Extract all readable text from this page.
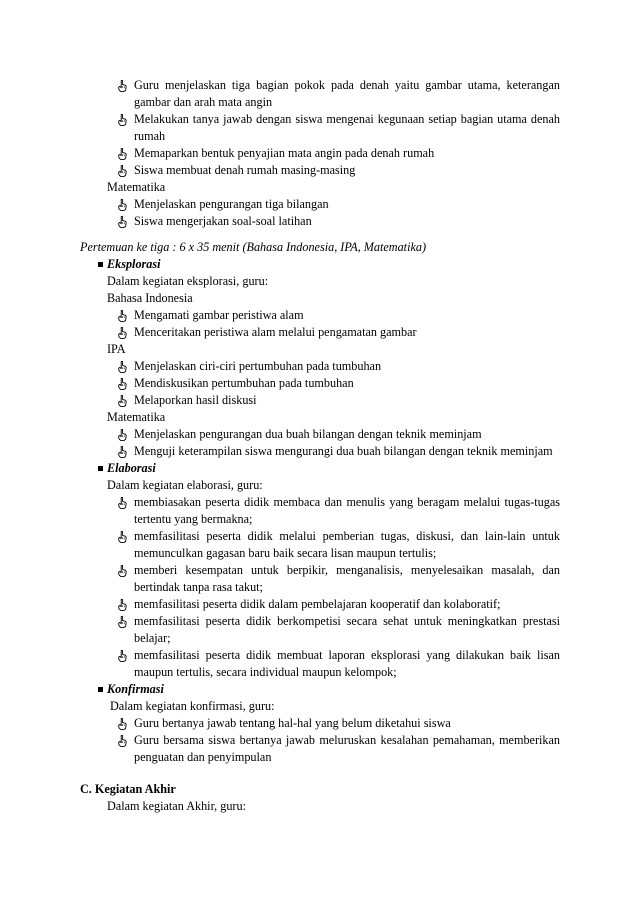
Guru menjelaskan tiga bagian pokok pada denah yaitu gambar utama, keterangan gambar dan arah mata angin
Melakukan tanya jawab dengan siswa mengenai kegunaan setiap bagian utama denah rumah
Memaparkan bentuk penyajian mata angin pada denah rumah
Siswa membuat denah rumah masing-masing
Matematika
Menjelaskan pengurangan tiga bilangan
Siswa mengerjakan soal-soal latihan
Pertemuan ke tiga : 6 x 35 menit (Bahasa Indonesia, IPA, Matematika)
Eksplorasi
Dalam kegiatan eksplorasi, guru:
Bahasa Indonesia
Mengamati gambar peristiwa alam
Menceritakan peristiwa alam melalui pengamatan gambar
IPA
Menjelaskan ciri-ciri pertumbuhan pada tumbuhan
Mendiskusikan pertumbuhan pada tumbuhan
Melaporkan hasil diskusi
Matematika
Menjelaskan pengurangan dua buah bilangan dengan teknik meminjam
Menguji keterampilan siswa mengurangi dua buah bilangan dengan teknik meminjam
Elaborasi
Dalam kegiatan elaborasi, guru:
membiasakan peserta didik membaca dan menulis yang beragam melalui tugas-tugas tertentu yang bermakna;
memfasilitasi peserta didik melalui pemberian tugas, diskusi, dan lain-lain untuk memunculkan gagasan baru baik secara lisan maupun tertulis;
memberi kesempatan untuk berpikir, menganalisis, menyelesaikan masalah, dan bertindak tanpa rasa takut;
memfasilitasi peserta didik dalam pembelajaran kooperatif dan kolaboratif;
memfasilitasi peserta didik berkompetisi secara sehat untuk meningkatkan prestasi belajar;
memfasilitasi peserta didik membuat laporan eksplorasi yang dilakukan baik lisan maupun tertulis, secara individual maupun kelompok;
Konfirmasi
Dalam kegiatan konfirmasi, guru:
Guru bertanya jawab tentang hal-hal yang belum diketahui siswa
Guru bersama siswa bertanya jawab meluruskan kesalahan pemahaman, memberikan penguatan dan penyimpulan
C. Kegiatan Akhir
Dalam kegiatan Akhir, guru:
